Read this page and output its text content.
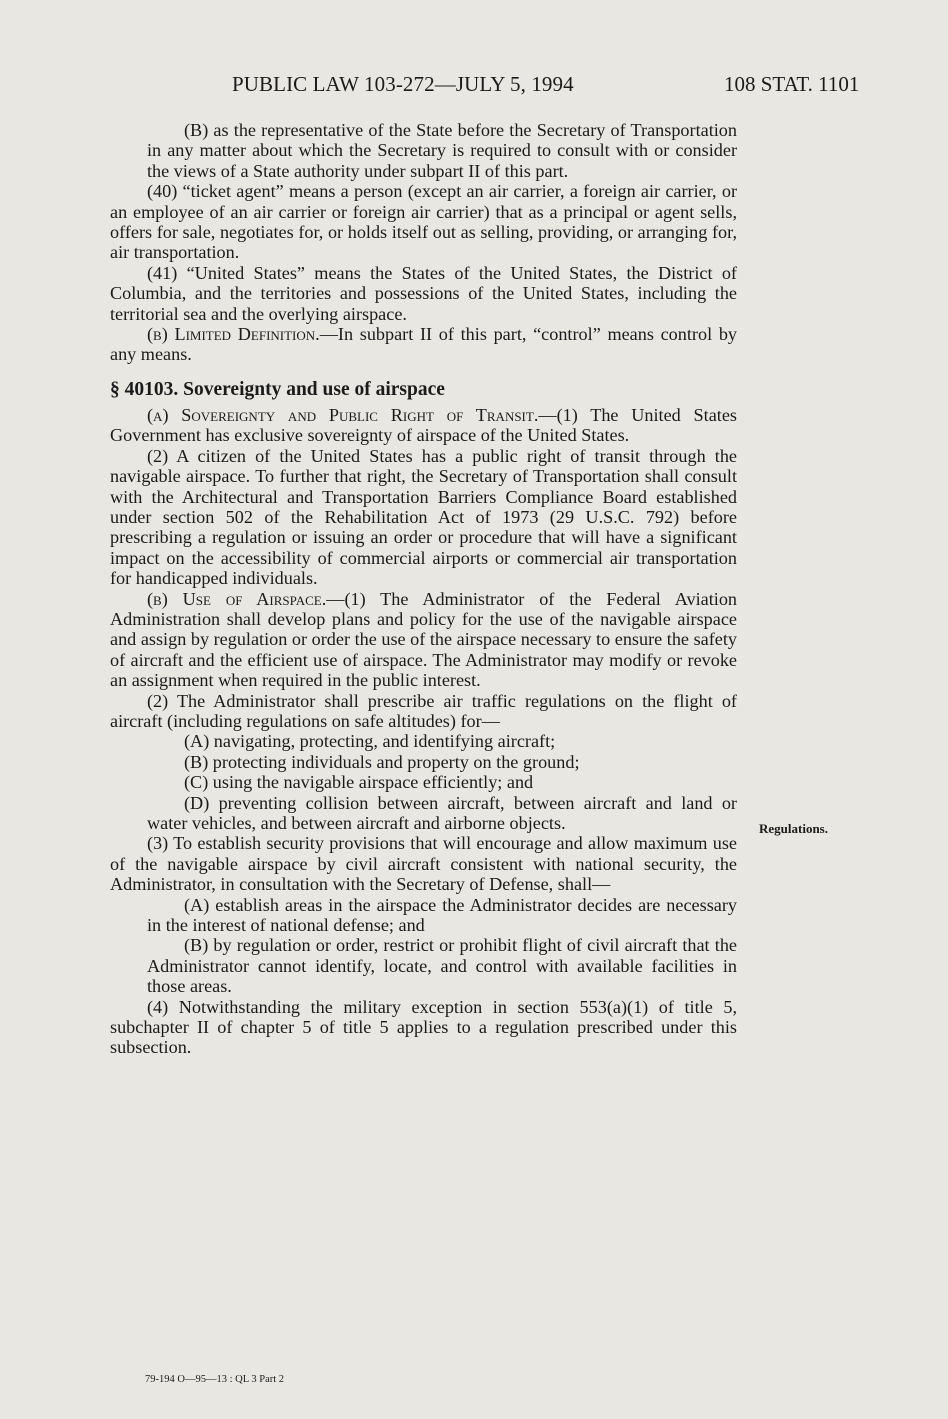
PUBLIC LAW 103-272—JULY 5, 1994	108 STAT. 1101

(B) as the representative of the State before the Secretary of Transportation in any matter about which the Secretary is required to consult with or consider the views of a State authority under subpart II of this part.

(40) “ticket agent” means a person (except an air carrier, a foreign air carrier, or an employee of an air carrier or foreign air carrier) that as a principal or agent sells, offers for sale, negotiates for, or holds itself out as selling, providing, or arranging for, air transportation.

(41) “United States” means the States of the United States, the District of Columbia, and the territories and possessions of the United States, including the territorial sea and the overlying airspace.

(b) Limited Definition.—In subpart II of this part, “control” means control by any means.

§ 40103. Sovereignty and use of airspace

(a) Sovereignty and Public Right of Transit.—(1) The United States Government has exclusive sovereignty of airspace of the United States.

(2) A citizen of the United States has a public right of transit through the navigable airspace. To further that right, the Secretary of Transportation shall consult with the Architectural and Transportation Barriers Compliance Board established under section 502 of the Rehabilitation Act of 1973 (29 U.S.C. 792) before prescribing a regulation or issuing an order or procedure that will have a significant impact on the accessibility of commercial airports or commercial air transportation for handicapped individuals.

(b) Use of Airspace.—(1) The Administrator of the Federal Aviation Administration shall develop plans and policy for the use of the navigable airspace and assign by regulation or order the use of the airspace necessary to ensure the safety of aircraft and the efficient use of airspace. The Administrator may modify or revoke an assignment when required in the public interest.

(2) The Administrator shall prescribe air traffic regulations on the flight of aircraft (including regulations on safe altitudes) for—

(A) navigating, protecting, and identifying aircraft;

(B) protecting individuals and property on the ground;

(C) using the navigable airspace efficiently; and

(D) preventing collision between aircraft, between aircraft and land or water vehicles, and between aircraft and airborne objects.

(3) To establish security provisions that will encourage and allow maximum use of the navigable airspace by civil aircraft consistent with national security, the Administrator, in consultation with the Secretary of Defense, shall—

(A) establish areas in the airspace the Administrator decides are necessary in the interest of national defense; and

(B) by regulation or order, restrict or prohibit flight of civil aircraft that the Administrator cannot identify, locate, and control with available facilities in those areas.

(4) Notwithstanding the military exception in section 553(a)(1) of title 5, subchapter II of chapter 5 of title 5 applies to a regulation prescribed under this subsection.

Regulations.
79-194 O—95—13 : QL 3 Part 2
